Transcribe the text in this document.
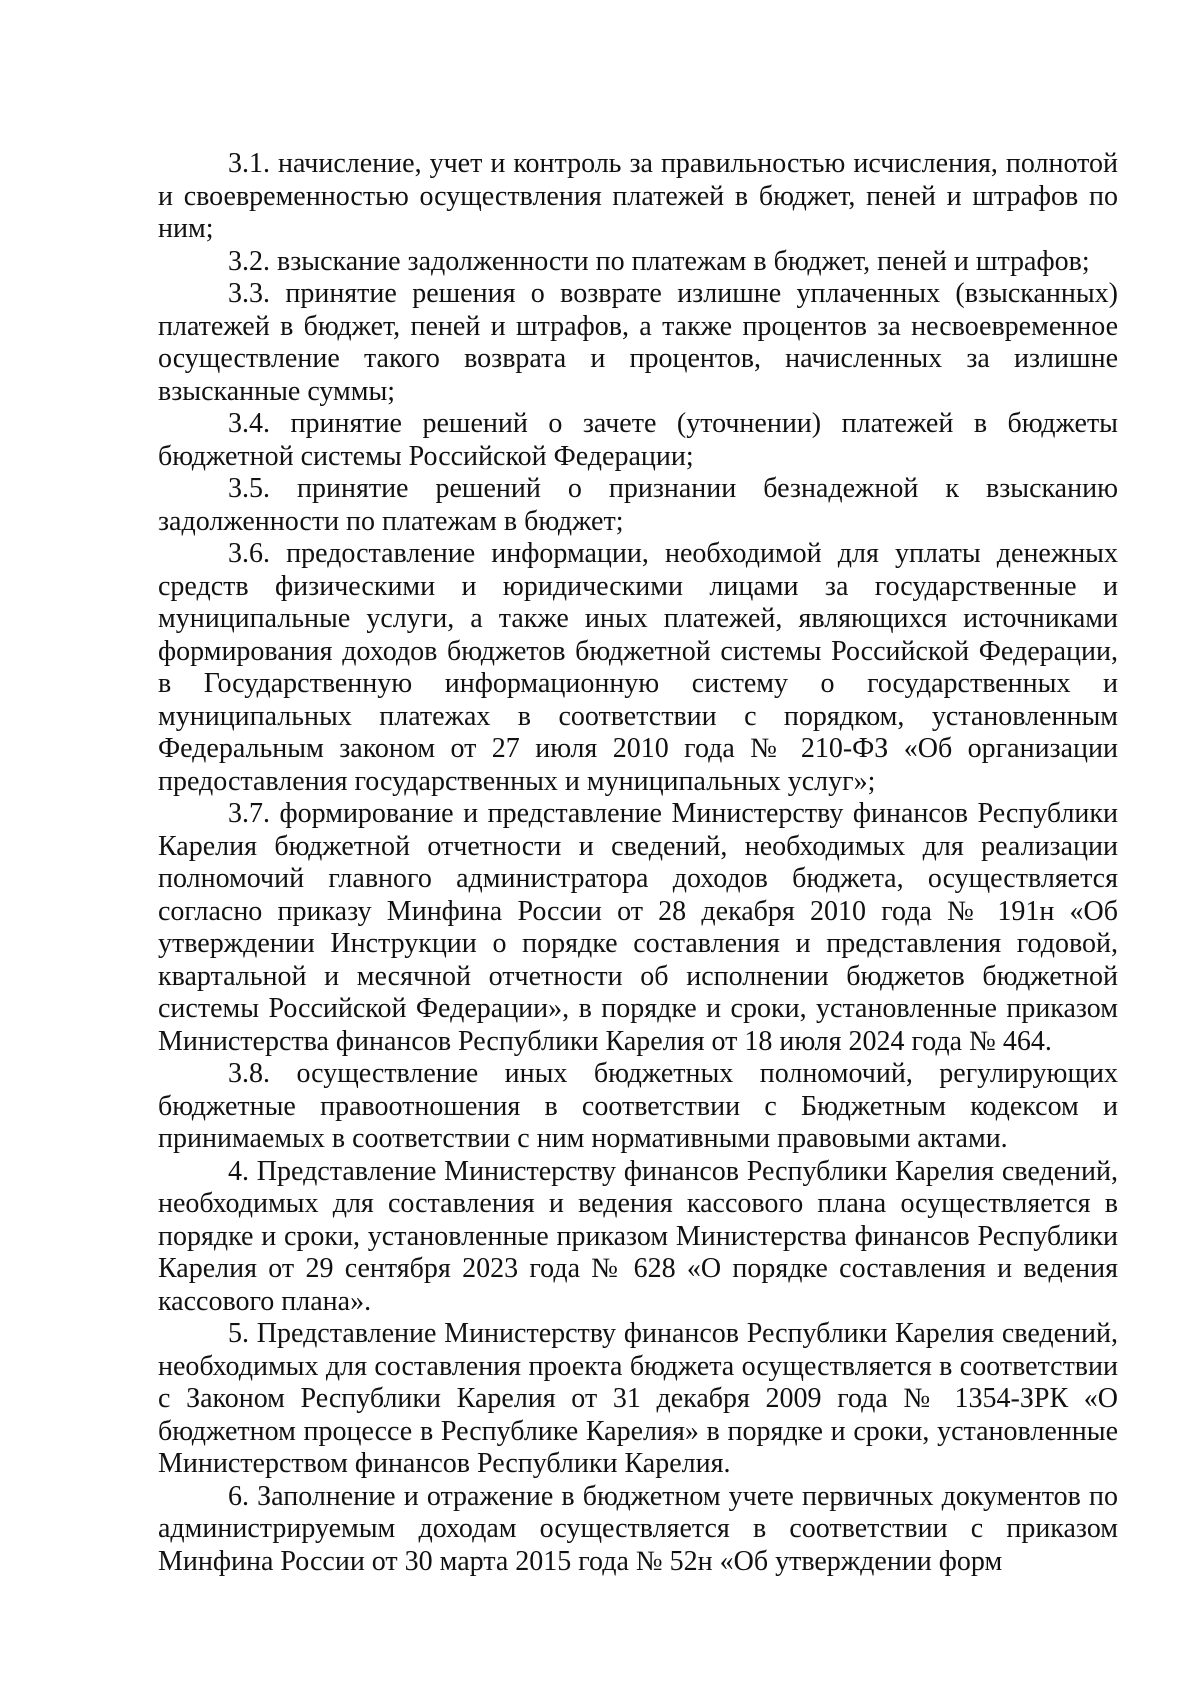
3.1. начисление, учет и контроль за правильностью исчисления, полнотой и своевременностью осуществления платежей в бюджет, пеней и штрафов по ним;

3.2. взыскание задолженности по платежам в бюджет, пеней и штрафов;

3.3. принятие решения о возврате излишне уплаченных (взысканных) платежей в бюджет, пеней и штрафов, а также процентов за несвоевременное осуществление такого возврата и процентов, начисленных за излишне взысканные суммы;

3.4. принятие решений о зачете (уточнении) платежей в бюджеты бюджетной системы Российской Федерации;

3.5. принятие решений о признании безнадежной к взысканию задолженности по платежам в бюджет;

3.6. предоставление информации, необходимой для уплаты денежных средств физическими и юридическими лицами за государственные и муниципальные услуги, а также иных платежей, являющихся источниками формирования доходов бюджетов бюджетной системы Российской Федерации, в Государственную информационную систему о государственных и муниципальных платежах в соответствии с порядком, установленным Федеральным законом от 27 июля 2010 года № 210-ФЗ «Об организации предоставления государственных и муниципальных услуг»;

3.7. формирование и представление Министерству финансов Республики Карелия бюджетной отчетности и сведений, необходимых для реализации полномочий главного администратора доходов бюджета, осуществляется согласно приказу Минфина России от 28 декабря 2010 года № 191н «Об утверждении Инструкции о порядке составления и представления годовой, квартальной и месячной отчетности об исполнении бюджетов бюджетной системы Российской Федерации», в порядке и сроки, установленные приказом Министерства финансов Республики Карелия от 18 июля 2024 года № 464.

3.8. осуществление иных бюджетных полномочий, регулирующих бюджетные правоотношения в соответствии с Бюджетным кодексом и принимаемых в соответствии с ним нормативными правовыми актами.

4. Представление Министерству финансов Республики Карелия сведений, необходимых для составления и ведения кассового плана осуществляется в порядке и сроки, установленные приказом Министерства финансов Республики Карелия от 29 сентября 2023 года № 628 «О порядке составления и ведения кассового плана».

5. Представление Министерству финансов Республики Карелия сведений, необходимых для составления проекта бюджета осуществляется в соответствии с Законом Республики Карелия от 31 декабря 2009 года № 1354-ЗРК «О бюджетном процессе в Республике Карелия» в порядке и сроки, установленные Министерством финансов Республики Карелия.

6. Заполнение и отражение в бюджетном учете первичных документов по администрируемым доходам осуществляется в соответствии с приказом Минфина России от 30 марта 2015 года № 52н «Об утверждении форм
